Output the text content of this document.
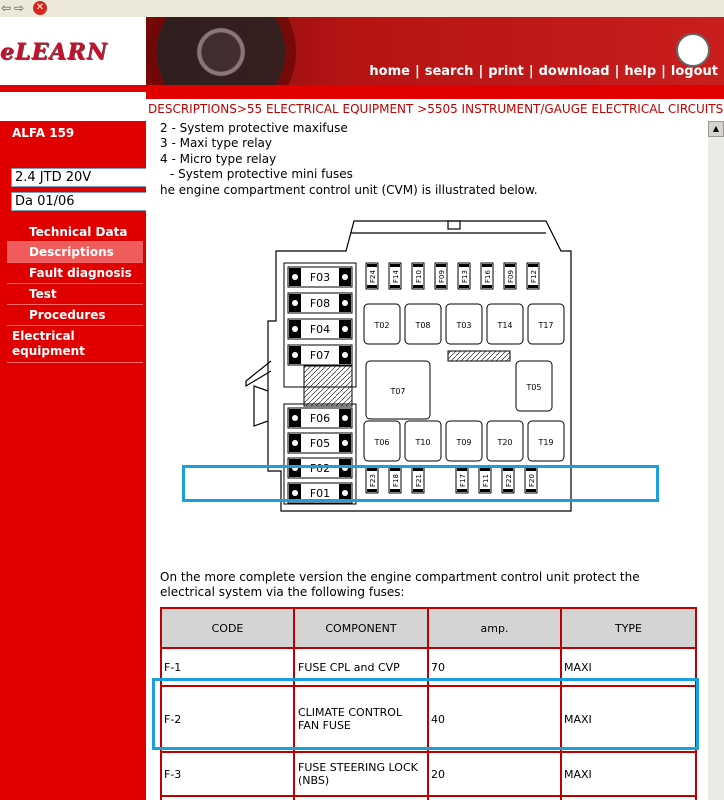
⇦ ⇨ ✕
eLEARN
home | search | print | download | help | logout
DESCRIPTIONS>55 ELECTRICAL EQUIPMENT >5505 INSTRUMENT/GAUGE ELECTRICAL CIRCUITS
ALFA 159
2.4 JTD 20V
Da 01/06
Technical Data
Descriptions
Fault diagnosis
Test
Procedures
Electrical equipment
2 - System protective maxifuse
3 - Maxi type relay
4 - Micro type relay
- System protective mini fuses
he engine compartment control unit (CVM) is illustrated below.
F03
F08
F04
F07
F06
F05
F02
F01
F24 F14 F10 F09 F13 F16 F09 F12
F23 F18 F21	F17 F11 F22 F20
T02	T08	T03	T14	T17
T07	T05
T06	T10	T09	T20	T19
On the more complete version the engine compartment control unit protect the
electrical system via the following fuses:
CODE	COMPONENT	amp.	TYPE
F-1	FUSE CPL and CVP	70	MAXI
F-2	CLIMATE CONTROL FAN FUSE	40	MAXI
F-3	FUSE STEERING LOCK (NBS)	20	MAXI

▲
